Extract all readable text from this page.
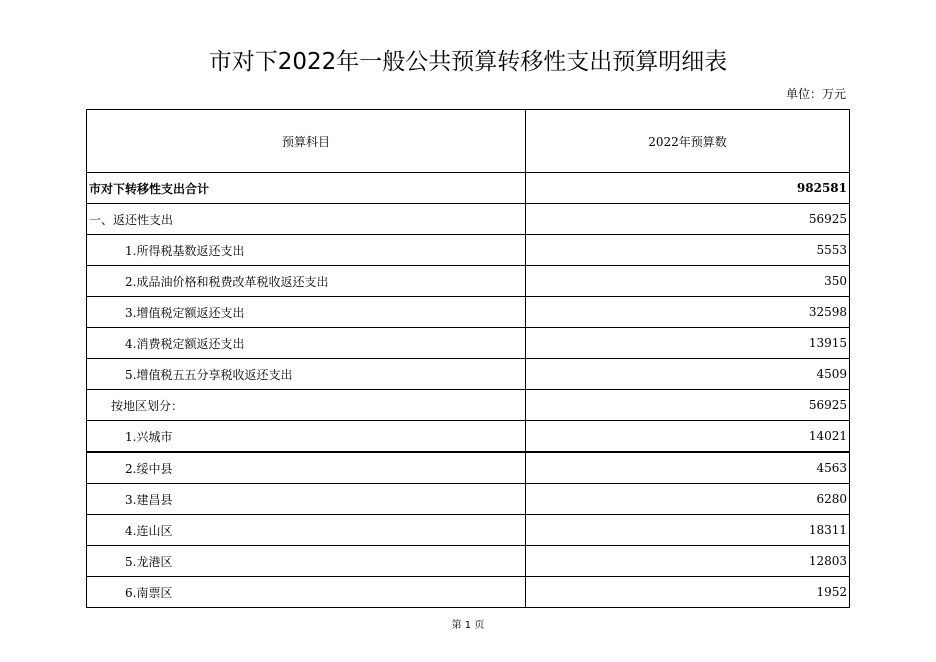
市对下2022年一般公共预算转移性支出预算明细表
单位：万元
预算科目	2022年预算数
市对下转移性支出合计	982581
一、返还性支出	56925
1.所得税基数返还支出	5553
2.成品油价格和税费改革税收返还支出	350
3.增值税定额返还支出	32598
4.消费税定额返还支出	13915
5.增值税五五分享税收返还支出	4509
按地区划分：	56925
1.兴城市	14021
2.绥中县	4563
3.建昌县	6280
4.连山区	18311
5.龙港区	12803
6.南票区	1952
第 1 页
